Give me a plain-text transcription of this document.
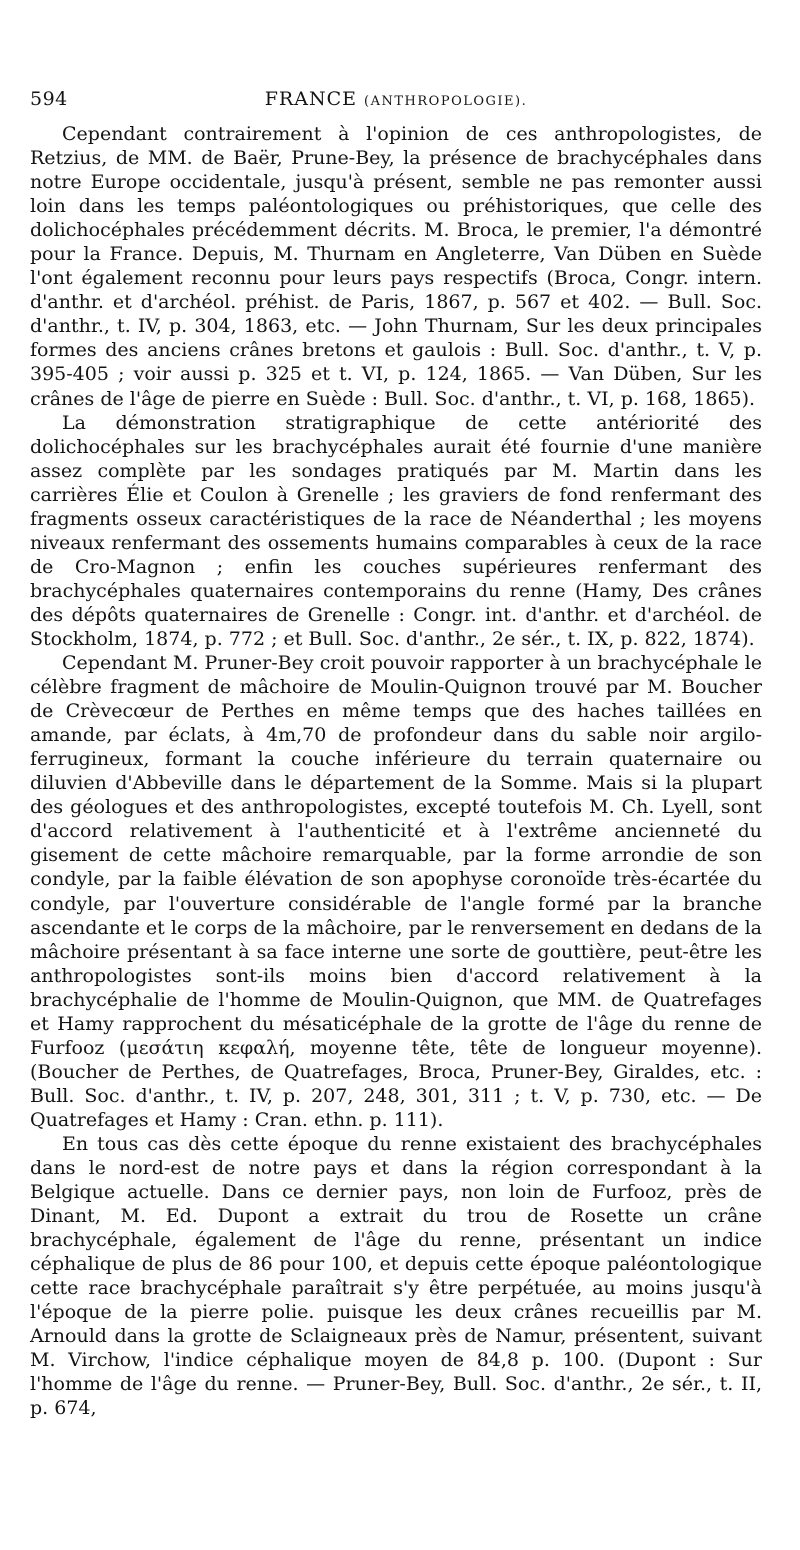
594	FRANCE (ANTHROPOLOGIE).

Cependant contrairement à l'opinion de ces anthropologistes, de Retzius, de MM. de Baër, Prune-Bey, la présence de brachycéphales dans notre Europe occidentale, jusqu'à présent, semble ne pas remonter aussi loin dans les temps paléontologiques ou préhistoriques, que celle des dolichocéphales précédemment décrits. M. Broca, le premier, l'a démontré pour la France. Depuis, M. Thurnam en Angleterre, Van Düben en Suède l'ont également reconnu pour leurs pays respectifs (Broca, Congr. intern. d'anthr. et d'archéol. préhist. de Paris, 1867, p. 567 et 402. — Bull. Soc. d'anthr., t. IV, p. 304, 1863, etc. — John Thurnam, Sur les deux principales formes des anciens crânes bretons et gaulois : Bull. Soc. d'anthr., t. V, p. 395-405 ; voir aussi p. 325 et t. VI, p. 124, 1865. — Van Düben, Sur les crânes de l'âge de pierre en Suède : Bull. Soc. d'anthr., t. VI, p. 168, 1865).

La démonstration stratigraphique de cette antériorité des dolichocéphales sur les brachycéphales aurait été fournie d'une manière assez complète par les sondages pratiqués par M. Martin dans les carrières Élie et Coulon à Grenelle ; les graviers de fond renfermant des fragments osseux caractéristiques de la race de Néanderthal ; les moyens niveaux renfermant des ossements humains comparables à ceux de la race de Cro-Magnon ; enfin les couches supérieures renfermant des brachycéphales quaternaires contemporains du renne (Hamy, Des crânes des dépôts quaternaires de Grenelle : Congr. int. d'anthr. et d'archéol. de Stockholm, 1874, p. 772 ; et Bull. Soc. d'anthr., 2e sér., t. IX, p. 822, 1874).

Cependant M. Pruner-Bey croit pouvoir rapporter à un brachycéphale le célèbre fragment de mâchoire de Moulin-Quignon trouvé par M. Boucher de Crèvecœur de Perthes en même temps que des haches taillées en amande, par éclats, à 4m,70 de profondeur dans du sable noir argilo-ferrugineux, formant la couche inférieure du terrain quaternaire ou diluvien d'Abbeville dans le département de la Somme. Mais si la plupart des géologues et des anthropologistes, excepté toutefois M. Ch. Lyell, sont d'accord relativement à l'authenticité et à l'extrême ancienneté du gisement de cette mâchoire remarquable, par la forme arrondie de son condyle, par la faible élévation de son apophyse coronoïde très-écartée du condyle, par l'ouverture considérable de l'angle formé par la branche ascendante et le corps de la mâchoire, par le renversement en dedans de la mâchoire présentant à sa face interne une sorte de gouttière, peut-être les anthropologistes sont-ils moins bien d'accord relativement à la brachycéphalie de l'homme de Moulin-Quignon, que MM. de Quatrefages et Hamy rapprochent du mésaticéphale de la grotte de l'âge du renne de Furfooz (μεσάτιη κεφαλή, moyenne tête, tête de longueur moyenne). (Boucher de Perthes, de Quatrefages, Broca, Pruner-Bey, Giraldes, etc. : Bull. Soc. d'anthr., t. IV, p. 207, 248, 301, 311 ; t. V, p. 730, etc. — De Quatrefages et Hamy : Cran. ethn. p. 111).

En tous cas dès cette époque du renne existaient des brachycéphales dans le nord-est de notre pays et dans la région correspondant à la Belgique actuelle. Dans ce dernier pays, non loin de Furfooz, près de Dinant, M. Ed. Dupont a extrait du trou de Rosette un crâne brachycéphale, également de l'âge du renne, présentant un indice céphalique de plus de 86 pour 100, et depuis cette époque paléontologique cette race brachycéphale paraîtrait s'y être perpétuée, au moins jusqu'à l'époque de la pierre polie. puisque les deux crânes recueillis par M. Arnould dans la grotte de Sclaigneaux près de Namur, présentent, suivant M. Virchow, l'indice céphalique moyen de 84,8 p. 100. (Dupont : Sur l'homme de l'âge du renne. — Pruner-Bey, Bull. Soc. d'anthr., 2e sér., t. II, p. 674,
